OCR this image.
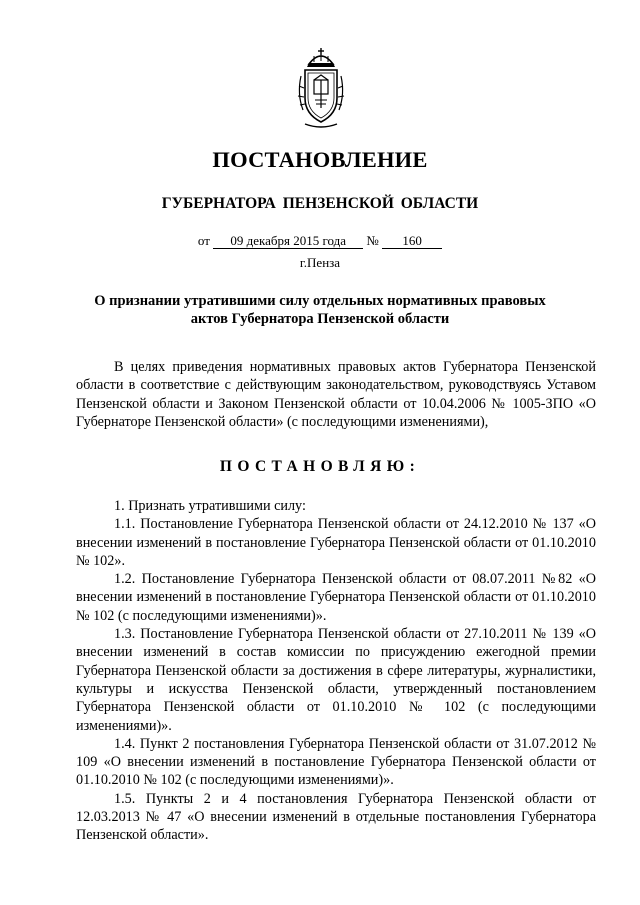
ПОСТАНОВЛЕНИЕ
ГУБЕРНАТОРА ПЕНЗЕНСКОЙ ОБЛАСТИ
от 09 декабря 2015 года № 160
г.Пенза
О признании утратившими силу отдельных нормативных правовых
актов Губернатора Пензенской области

В целях приведения нормативных правовых актов Губернатора Пензенской области в соответствие с действующим законодательством, руководствуясь Уставом Пензенской области и Законом Пензенской области от 10.04.2006 № 1005-ЗПО «О Губернаторе Пензенской области» (с последующими изменениями),

ПОСТАНОВЛЯЮ:

1. Признать утратившими силу:

1.1. Постановление Губернатора Пензенской области от 24.12.2010 № 137 «О внесении изменений в постановление Губернатора Пензенской области от 01.10.2010 № 102».

1.2. Постановление Губернатора Пензенской области от 08.07.2011 №82 «О внесении изменений в постановление Губернатора Пензенской области от 01.10.2010 № 102 (с последующими изменениями)».

1.3. Постановление Губернатора Пензенской области от 27.10.2011 № 139 «О внесении изменений в состав комиссии по присуждению ежегодной премии Губернатора Пензенской области за достижения в сфере литературы, журналистики, культуры и искусства Пензенской области, утвержденный постановлением Губернатора Пензенской области от 01.10.2010 № 102 (с последующими изменениями)».

1.4. Пункт 2 постановления Губернатора Пензенской области от 31.07.2012 № 109 «О внесении изменений в постановление Губернатора Пензенской области от 01.10.2010 № 102 (с последующими изменениями)».

1.5. Пункты 2 и 4 постановления Губернатора Пензенской области от 12.03.2013 № 47 «О внесении изменений в отдельные постановления Губернатора Пензенской области».
